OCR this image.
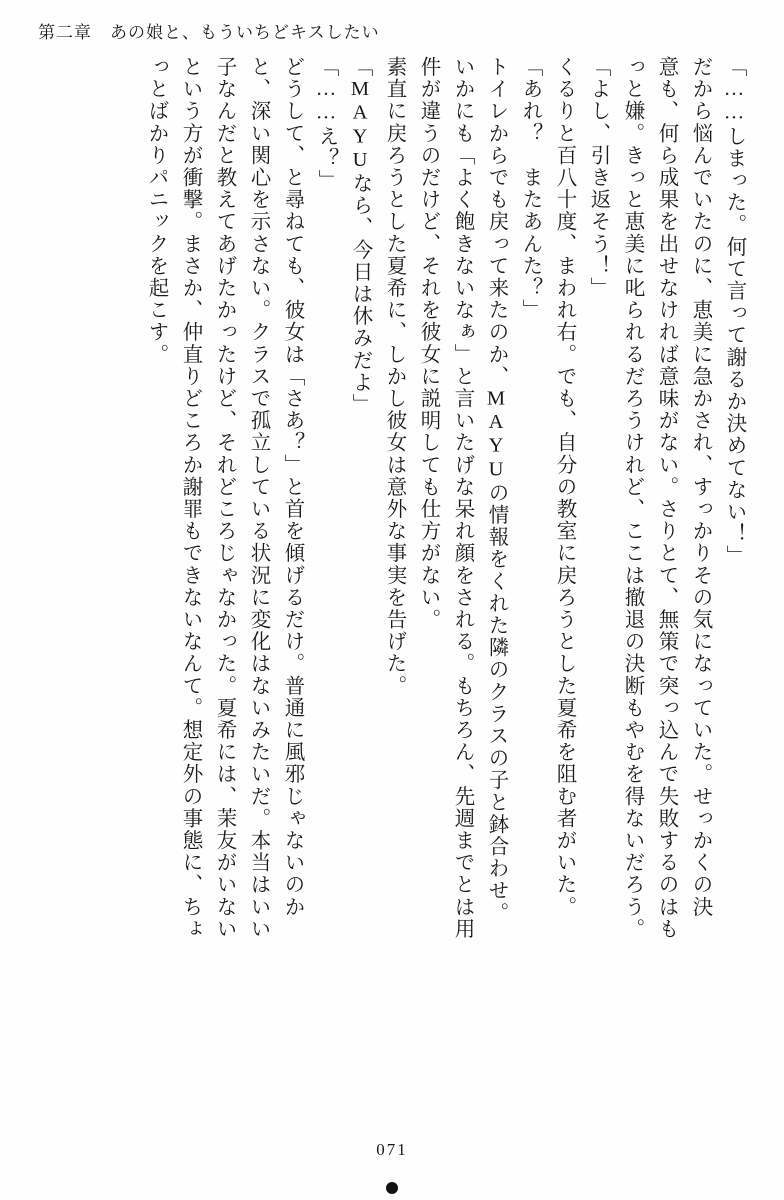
第二章 あの娘と、もういちどキスしたい
「……しまった。何て言って謝るか決めてない！」
だから悩んでいたのに、恵美に急かされ、すっかりその気になっていた。せっかくの決
意も、何ら成果を出せなければ意味がない。さりとて、無策で突っ込んで失敗するのはも
っと嫌。きっと恵美に叱られるだろうけれど、ここは撤退の決断もやむを得ないだろう。
「よし、引き返そう！」
くるりと百八十度、まわれ右。でも、自分の教室に戻ろうとした夏希を阻む者がいた。
「あれ？　またあんた？」
トイレからでも戻って来たのか、MAYUの情報をくれた隣のクラスの子と鉢合わせ。
いかにも「よく飽きないなぁ」と言いたげな呆れ顔をされる。もちろん、先週までとは用
件が違うのだけど、それを彼女に説明しても仕方がない。
素直に戻ろうとした夏希に、しかし彼女は意外な事実を告げた。
「MAYUなら、今日は休みだよ」
「……え？」
どうして、と尋ねても、彼女は「さあ？」と首を傾げるだけ。普通に風邪じゃないのか
と、深い関心を示さない。クラスで孤立している状況に変化はないみたいだ。本当はいい
子なんだと教えてあげたかったけど、それどころじゃなかった。夏希には、茉友がいない
という方が衝撃。まさか、仲直りどころか謝罪もできないなんて。想定外の事態に、ちょ
っとばかりパニックを起こす。
071
